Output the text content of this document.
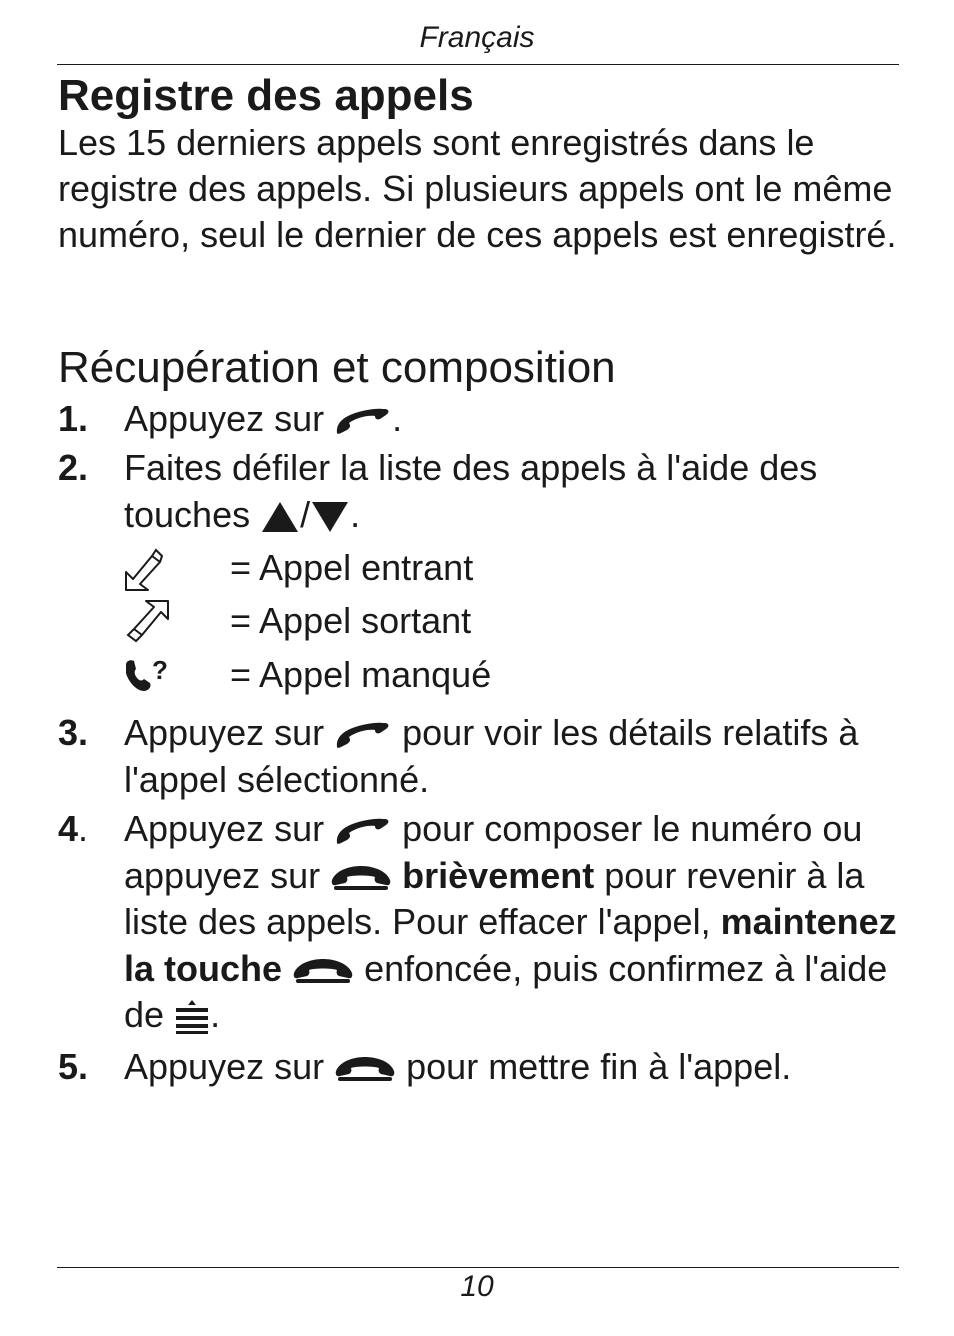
Français
Registre des appels

Les 15 derniers appels sont enregistrés dans le registre des appels. Si plusieurs appels ont le même numéro, seul le dernier de ces appels est enregistré.

Récupération et composition
1. Appuyez sur .
2. Faites défiler la liste des appels à l'aide des touches / .
= Appel entrant
= Appel sortant
? = Appel manqué
3. Appuyez sur pour voir les détails relatifs à l'appel sélectionné.
4. Appuyez sur pour composer le numéro ou appuyez sur brièvement pour revenir à la liste des appels. Pour effacer l'appel, maintenez la touche enfoncée, puis confirmez à l'aide de .
5. Appuyez sur pour mettre fin à l'appel.
10
